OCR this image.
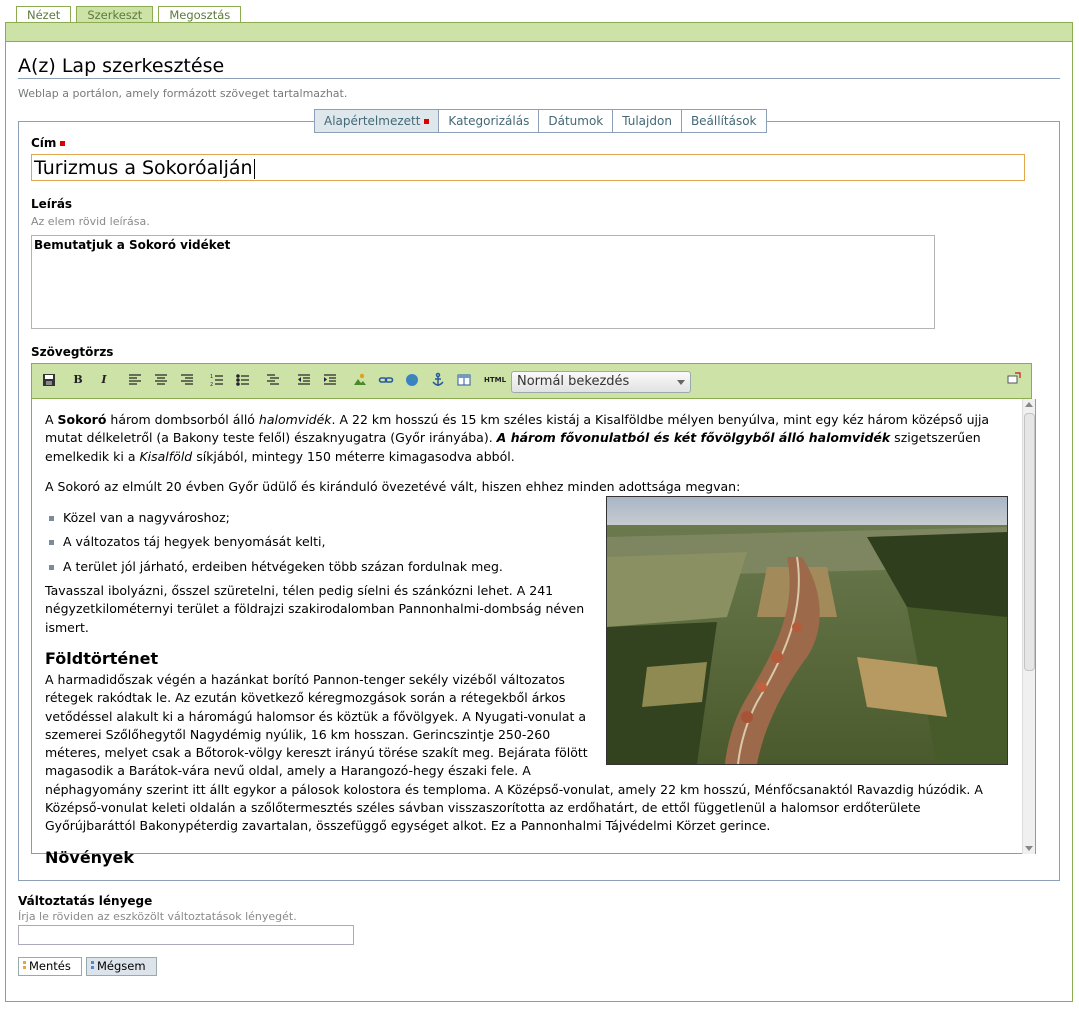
Nézet	Szerkeszt	Megosztás
A(z) Lap szerkesztése
Weblap a portálon, amely formázott szöveget tartalmazhat.
Alapértelmezett	Kategorizálás	Dátumok	Tulajdon	Beállítások
Cím
Turizmus a Sokoróalján
Leírás
Az elem rövid leírása.
Bemutatjuk a Sokoró vidéket
Szövegtörzs
B	I	1
2
HTML Normál bekezdés

A Sokoró három dombsorból álló halomvidék. A 22 km hosszú és 15 km széles kistáj a Kisalföldbe mélyen benyúlva, mint egy kéz három középső ujja mutat délkeletről (a Bakony teste felől) északnyugatra (Győr irányába). A három fővonulatból és két fővölgyből álló halomvidék szigetszerűen emelkedik ki a Kisalföld síkjából, mintegy 150 méterre kimagasodva abból.

A Sokoró az elmúlt 20 évben Győr üdülő és kiránduló övezetévé vált, hiszen ehhez minden adottsága megvan:

Közel van a nagyvároshoz;
A változatos táj hegyek benyomását kelti,
A terület jól járható, erdeiben hétvégeken több százan fordulnak meg.

Tavasszal ibolyázni, ősszel szüretelni, télen pedig síelni és szánkózni lehet. A 241 négyzetkilométernyi terület a földrajzi szakirodalomban Pannonhalmi-dombság néven ismert.

Földtörténet

A harmadidőszak végén a hazánkat borító Pannon-tenger sekély vizéből változatos rétegek rakódtak le. Az ezután következő kéregmozgások során a rétegekből árkos vetődéssel alakult ki a háromágú halomsor és köztük a fővölgyek. A Nyugati-vonulat a szemerei Szőlőhegytől Nagydémig nyúlik, 16 km hosszan. Gerincszintje 250-260 méteres, melyet csak a Bőtorok-völgy kereszt irányú törése szakít meg. Bejárata fölött magasodik a Barátok-vára nevű oldal, amely a Harangozó-hegy északi fele. A néphagyomány szerint itt állt egykor a pálosok kolostora és temploma. A Középső-vonulat, amely 22 km hosszú, Ménfőcsanaktól Ravazdig húzódik. A Középső-vonulat keleti oldalán a szőlőtermesztés széles sávban visszaszorította az erdőhatárt, de ettől függetlenül a halomsor erdőterülete Győrújbaráttól Bakonypéterdig zavartalan, összefüggő egységet alkot. Ez a Pannonhalmi Tájvédelmi Körzet gerince.

Növények
Változtatás lényege
Írja le röviden az eszközölt változtatások lényegét.
Mentés	Mégsem
